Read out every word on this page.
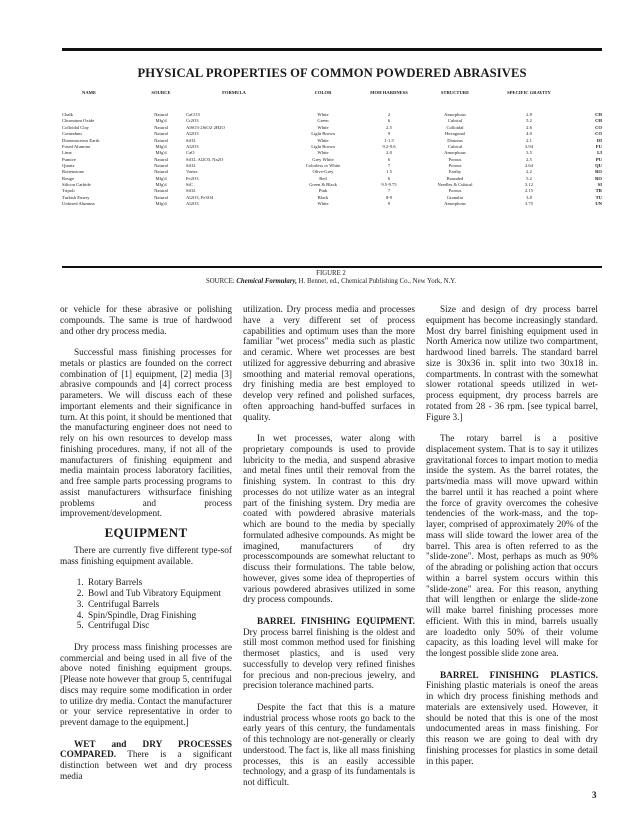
PHYSICAL PROPERTIES OF COMMON POWDERED ABRASIVES
NAME	SOURCE	FORMULA	COLOR	MOH HARDNESS	STRUCTURE	SPECIFIC GRAVITY	
Chalk	Natural	CaCO3	White	2	Amorphous	2.8	CH
Chromium Oxide	Mfg'd	Cr2O3	Green	6	Cubical	5.2	CH
Colloidal Clay	Natural	AlSO3·2SiO2·2H2O	White	2.5	Colloidal	2.6	CO
Corundum	Natural	Al2O3	Light Brown	9	Hexagonal	4.0	CO
Diatomaceous Earth	Natural	SiO2	White	1-1.5	Diatoms	2.1	DI
Fused Alumina	Mfg'd	Al2O3	Light Brown	9.2-9.6	Cubical	3.94	FU
Lime	Mfg'd	CaO	White	2.0	Amorphous	3.5	LI
Pumice	Natural	SiO2, Al2O3, Na2O	Grey White	6	Porous	2.5	PU
Quartz	Natural	SiO2	Colorless or White	7	Porous	2.64	QU
Rottenstone	Natural	Varies	Olive-Grey	1.5	Earthy	2.2	RO
Rouge	Mfg'd	Fe2O3	Red	6	Rounded	5.2	RO
Silicon Carbide	Mfg'd	SiC	Green & Black	9.5-9.75	Needles & Cubical	3.12	SI
Tripoli	Natural	SiO2	Pink	7	Porous	2.15	TR
Turkish Emery	Natural	Al2O3, Fe3O4	Black	8-9	Granular	3.8	TU
Unfused Alumina	Mfg'd	Al2O3	White	9	Amorphous	3.75	UN
FIGURE 2
SOURCE: Chemical Formulary, H. Bennet, ed., Chemical Publishing Co., New York, N.Y.

or vehicle for these abrasive or polishing compounds. The same is true of hardwood and other dry process media.

Successful mass finishing processes for metals or plastics are founded on the correct combination of [1] equipment, [2] media [3] abrasive compounds and [4] correct process parameters. We will discuss each of these important elements and their significance in turn. At this point, it should be mentioned that the manufacturing engineer does not need to rely on his own resources to develop mass finishing procedures. many, if not all of the manufacturers of finishing equipment and media maintain process laboratory facilities, and free sample parts processing programs to assist manufacturers withsurface finishing problems and process improvement/development.

EQUIPMENT

There are currently five different type-sof mass finishing equipment available.

1. Rotary Barrels
2. Bowl and Tub Vibratory Equipment
3. Centrifugal Barrels
4. Spin/Spindle, Drag Finishing
5. Centrifugal Disc

Dry process mass finishing processes are commercial and being used in all five of the above noted finishing equipment groups. [Please note however that group 5, centrifugal discs may require some modification in order to utilize dry media. Contact the manufacturer or your service representative in order to prevent damage to the equipment.]

WET and DRY PROCESSES COMPARED. There is a significant distinction between wet and dry process media

utilization. Dry process media and processes have a very different set of process capabilities and optimum uses than the more familiar "wet process" media such as plastic and ceramic. Where wet processes are best utilized for aggressive deburring and abrasive smoothing and material removal operations, dry finishing media are best employed to develop very refined and polished surfaces, often approaching hand-buffed surfaces in quality.

In wet processes, water along with proprietary compounds is used to provide lubricity to the media, and suspend abrasive and metal fines until their removal from the finishing system. In contrast to this dry processes do not utilize water as an integral part of the finishing system. Dry media are coated with powdered abrasive materials which are bound to the media by specially formulated adhesive compounds. As might be imagined, manufacturers of dry processcompounds are somewhat reluctant to discuss their formulations. The table below, however, gives some idea of theproperties of various powdered abrasives utilized in some dry process compounds.

BARREL FINISHING EQUIPMENT. Dry process barrel finishing is the oldest and still most common method used for finishing thermoset plastics, and is used very successfully to develop very refined finishes for precious and non-precious jewelry, and precision tolerance machined parts.

Despite the fact that this is a mature industrial process whose roots go back to the early years of this century, the fundamentals of this technology are not-generally or clearly understood. The fact is, like all mass finishing processes, this is an easily accessible technology, and a grasp of its fundamentals is not difficult.

Size and design of dry process barrel equipment has become increasingly standard. Most dry barrel finishing equipment used in North America now utilize two compartment, hardwood lined barrels. The standard barrel size is 30x36 in. split into two 30x18 in. compartments. In contrast with the somewhat slower rotational speeds utilized in wet-process equipment, dry process barrels are rotated from 28 - 36 rpm. [see typical barrel, Figure 3.]

The rotary barrel is a positive displacement system. That is to say it utilizes gravitational forces to impart motion to media inside the system. As the barrel rotates, the parts/media mass will move upward within the barrel until it has reached a point where the force of gravity overcomes the cohesive tendencies of the work-mass, and the top-layer, comprised of approximately 20% of the mass will slide toward the lower area of the barrel. This area is often referred to as the "slide-zone". Most, perhaps as much as 90% of the abrading or polishing action that occurs within a barrel system occurs within this "slide-zone" area. For this reason, anything that will lengthen or enlarge the slide-zone will make barrel finishing processes more efficient. With this in mind, barrels usually are loadedto only 50% of their volume capacity, as this loading level will make for the longest possible slide zone area.

BARREL FINISHING PLASTICS. Finishing plastic materials is oneof the areas in which dry process finishing methods and materials are extensively used. However, it should be noted that this is one of the most undocumented areas in mass finishing. For this reason we are going to deal with dry finishing processes for plastics in some detail in this paper.

3
